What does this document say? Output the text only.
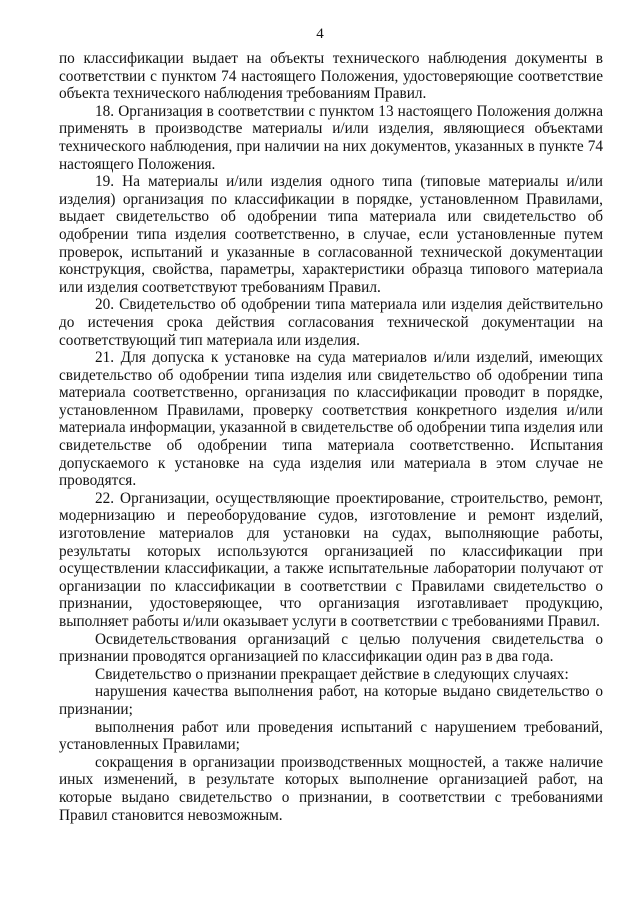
4

по классификации выдает на объекты технического наблюдения документы в соответствии с пунктом 74 настоящего Положения, удостоверяющие соответствие объекта технического наблюдения требованиям Правил.

18. Организация в соответствии с пунктом 13 настоящего Положения должна применять в производстве материалы и/или изделия, являющиеся объектами технического наблюдения, при наличии на них документов, указанных в пункте 74 настоящего Положения.

19. На материалы и/или изделия одного типа (типовые материалы и/или изделия) организация по классификации в порядке, установленном Правилами, выдает свидетельство об одобрении типа материала или свидетельство об одобрении типа изделия соответственно, в случае, если установленные путем проверок, испытаний и указанные в согласованной технической документации конструкция, свойства, параметры, характеристики образца типового материала или изделия соответствуют требованиям Правил.

20. Свидетельство об одобрении типа материала или изделия действительно до истечения срока действия согласования технической документации на соответствующий тип материала или изделия.

21. Для допуска к установке на суда материалов и/или изделий, имеющих свидетельство об одобрении типа изделия или свидетельство об одобрении типа материала соответственно, организация по классификации проводит в порядке, установленном Правилами, проверку соответствия конкретного изделия и/или материала информации, указанной в свидетельстве об одобрении типа изделия или свидетельстве об одобрении типа материала соответственно. Испытания допускаемого к установке на суда изделия или материала в этом случае не проводятся.

22. Организации, осуществляющие проектирование, строительство, ремонт, модернизацию и переоборудование судов, изготовление и ремонт изделий, изготовление материалов для установки на судах, выполняющие работы, результаты которых используются организацией по классификации при осуществлении классификации, а также испытательные лаборатории получают от организации по классификации в соответствии с Правилами свидетельство о признании, удостоверяющее, что организация изготавливает продукцию, выполняет работы и/или оказывает услуги в соответствии с требованиями Правил.

Освидетельствования организаций с целью получения свидетельства о признании проводятся организацией по классификации один раз в два года.

Свидетельство о признании прекращает действие в следующих случаях:

нарушения качества выполнения работ, на которые выдано свидетельство о признании;

выполнения работ или проведения испытаний с нарушением требований, установленных Правилами;

сокращения в организации производственных мощностей, а также наличие иных изменений, в результате которых выполнение организацией работ, на которые выдано свидетельство о признании, в соответствии с требованиями Правил становится невозможным.
